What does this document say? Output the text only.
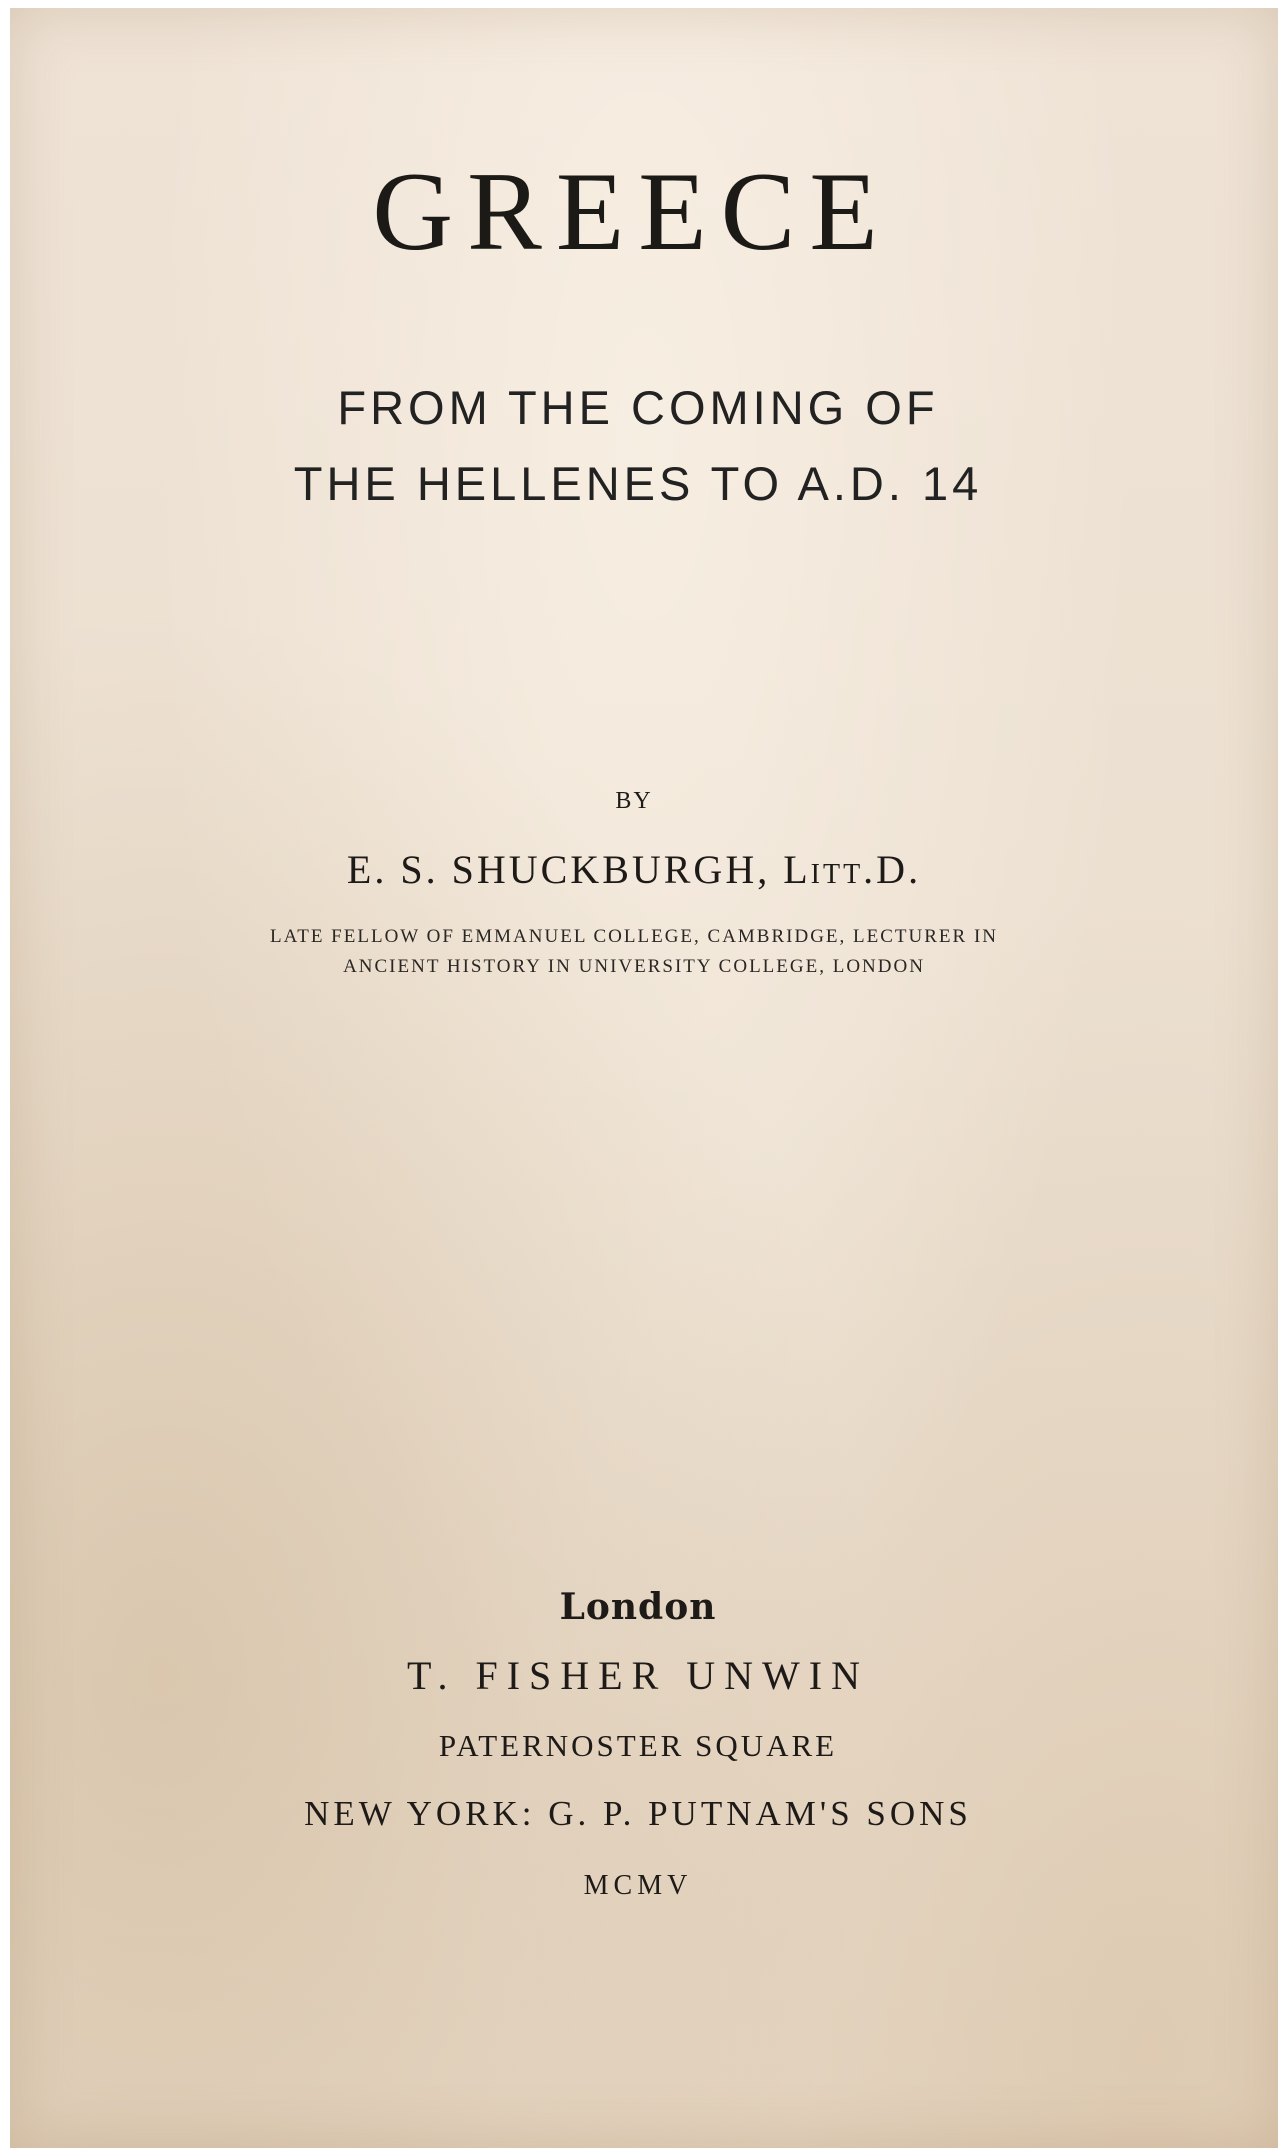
GREECE
FROM THE COMING OF
THE HELLENES TO A.D. 14
BY
E. S. SHUCKBURGH, Litt.D.
LATE FELLOW OF EMMANUEL COLLEGE, CAMBRIDGE, LECTURER IN
ANCIENT HISTORY IN UNIVERSITY COLLEGE, LONDON
London
T. FISHER UNWIN
PATERNOSTER SQUARE
NEW YORK: G. P. PUTNAM'S SONS
MCMV
